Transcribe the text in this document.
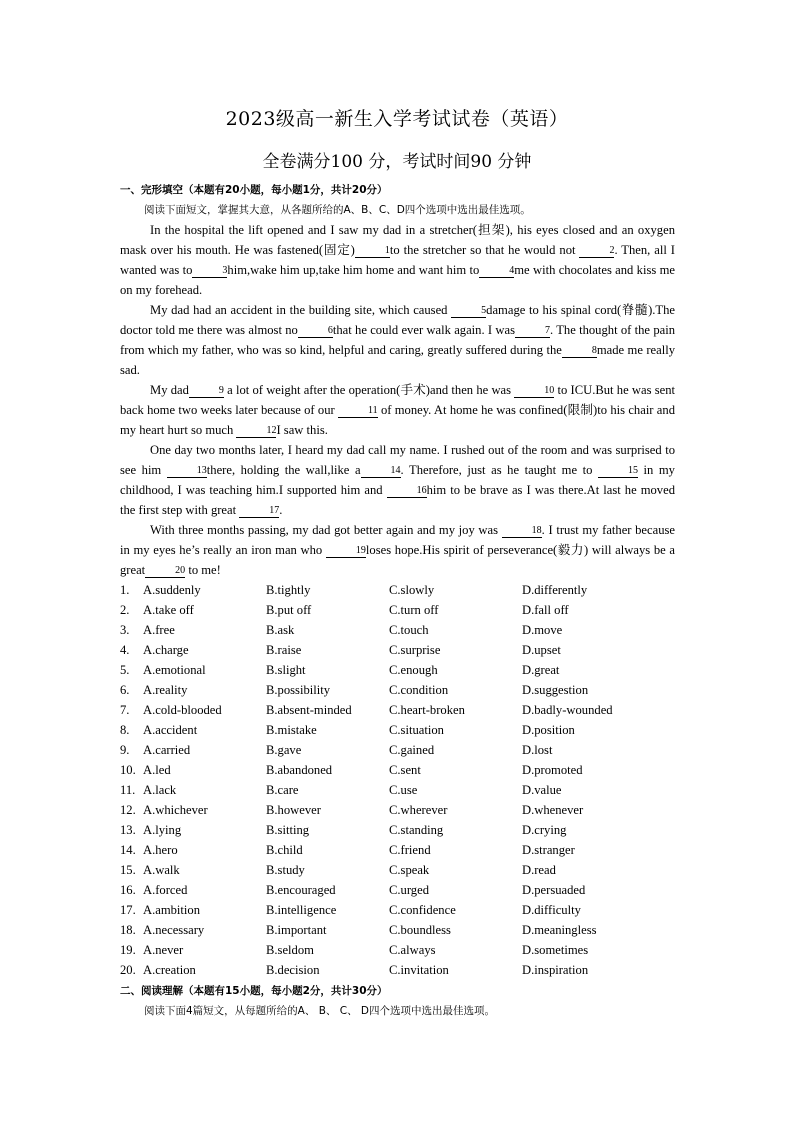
2023级高一新生入学考试试卷（英语）
全卷满分100 分，考试时间90 分钟
一、完形填空（本题有20小题，每小题1分，共计20分）
阅读下面短文，掌握其大意，从各题所给的A、B、C、D四个选项中选出最佳选项。

In the hospital the lift opened and I saw my dad in a stretcher(担架), his eyes closed and an oxygen mask over his mouth. He was fastened(固定)	1to the stretcher so that he would not	2. Then, all I wanted was to	3him,wake him up,take him home and want him to	4me with chocolates and kiss me on my forehead.

My dad had an accident in the building site, which caused	5damage to his spinal cord(脊髓).The doctor told me there was almost no	6that he could ever walk again. I was	7. The thought of the pain from which my father, who was so kind, helpful and caring, greatly suffered during the	8made me really sad.

My dad	9 a lot of weight after the operation(手术)and then he was	10 to ICU.But he was sent back home two weeks later because of our	11 of money. At home he was confined(限制)to his chair and my heart hurt so much	12I saw this.

One day two months later, I heard my dad call my name. I rushed out of the room and was surprised to see him	13there, holding the wall,like a	14. Therefore, just as he taught me to	15 in my childhood, I was teaching him.I supported him and	16him to be brave as I was there.At last he moved the first step with great	17.

With three months passing, my dad got better again and my joy was	18. I trust my father because in my eyes he’s really an iron man who	19loses hope.His spirit of perseverance(毅力) will always be a great	20 to me!

1. A.suddenly	B.tightly	C.slowly	D.differently
2. A.take off	B.put off	C.turn off	D.fall off
3. A.free	B.ask	C.touch	D.move
4. A.charge	B.raise	C.surprise	D.upset
5. A.emotional	B.slight	C.enough	D.great
6. A.reality	B.possibility	C.condition	D.suggestion
7. A.cold-blooded	B.absent-minded	C.heart-broken	D.badly-wounded
8. A.accident	B.mistake	C.situation	D.position
9. A.carried	B.gave	C.gained	D.lost
10. A.led	B.abandoned	C.sent	D.promoted
11. A.lack	B.care	C.use	D.value
12. A.whichever	B.however	C.wherever	D.whenever
13. A.lying	B.sitting	C.standing	D.crying
14. A.hero	B.child	C.friend	D.stranger
15. A.walk	B.study	C.speak	D.read
16. A.forced	B.encouraged	C.urged	D.persuaded
17. A.ambition	B.intelligence	C.confidence	D.difficulty
18. A.necessary	B.important	C.boundless	D.meaningless
19. A.never	B.seldom	C.always	D.sometimes
20. A.creation	B.decision	C.invitation	D.inspiration
二、阅读理解（本题有15小题，每小题2分，共计30分）
阅读下面4篇短文，从每题所给的A、 B、 C、 D四个选项中选出最佳选项。
